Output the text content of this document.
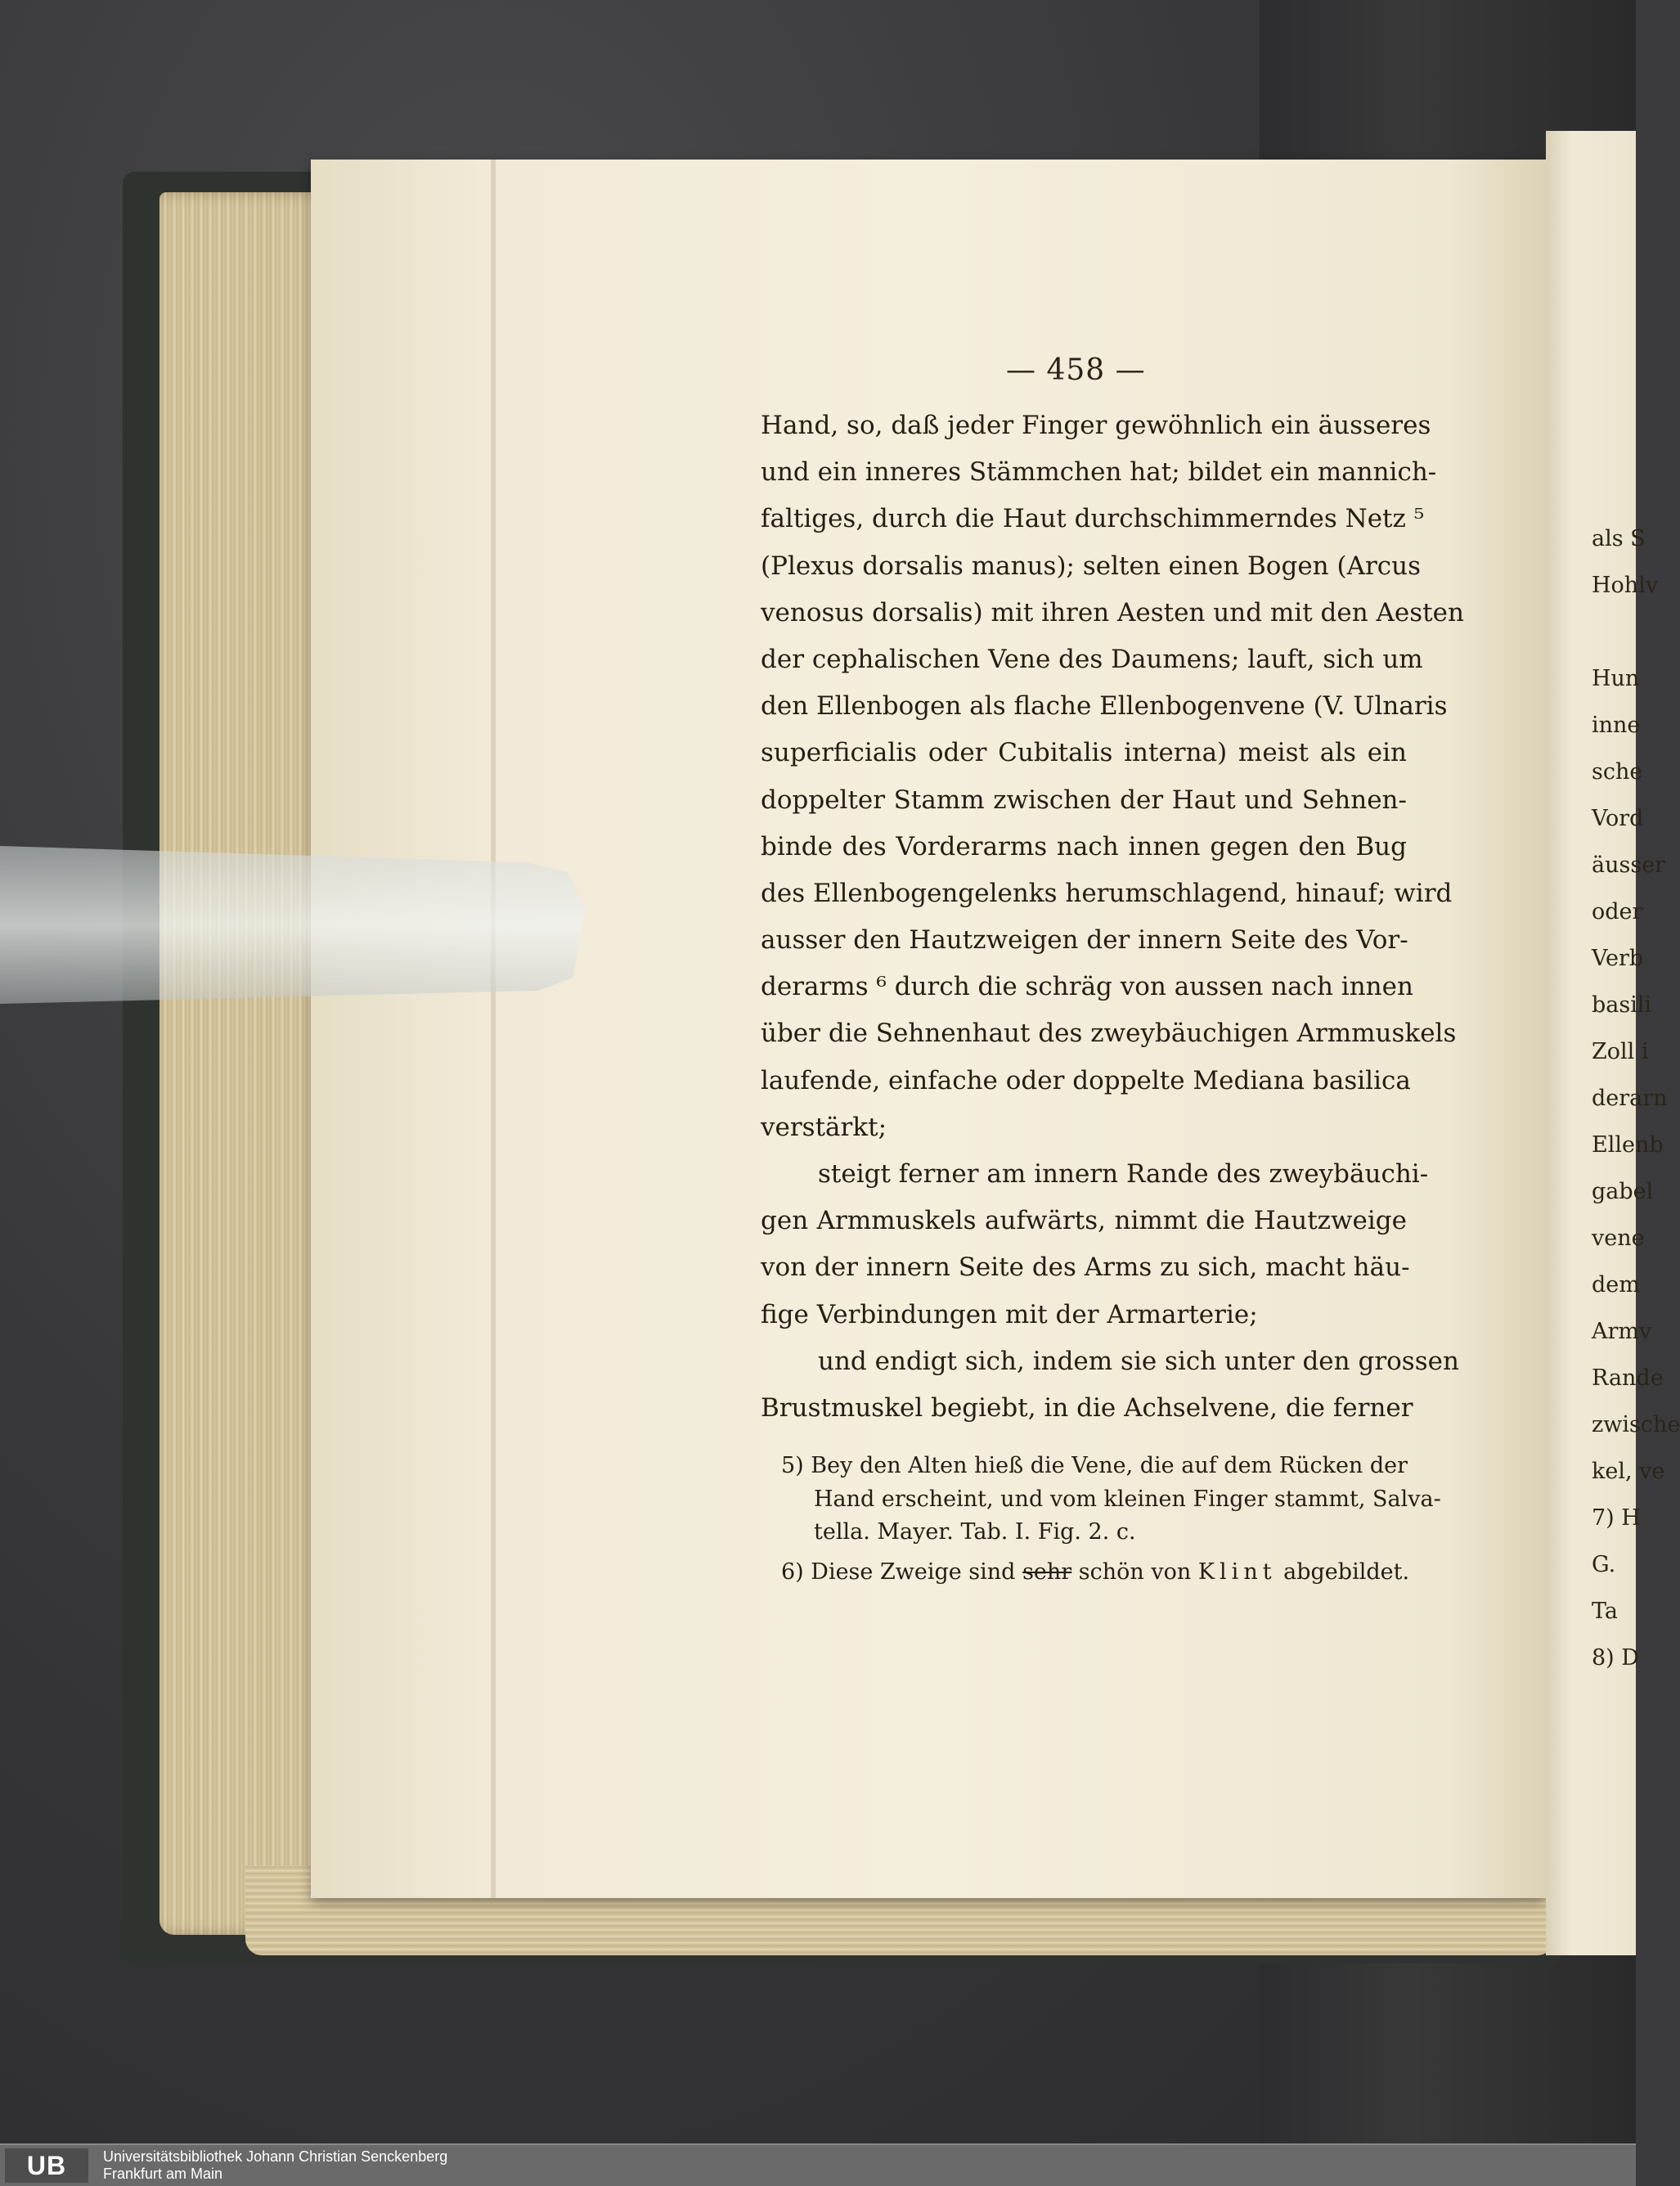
— 458 —
Hand, so, daß jeder Finger gewöhnlich ein äusseres
und ein inneres Stämmchen hat; bildet ein mannich-
faltiges, durch die Haut durchschimmerndes Netz ⁵
(Plexus dorsalis manus); selten einen Bogen (Arcus
venosus dorsalis) mit ihren Aesten und mit den Aesten
der cephalischen Vene des Daumens; lauft, sich um
den Ellenbogen als flache Ellenbogenvene (V. Ulnaris
superficialis oder Cubitalis interna) meist als ein
doppelter Stamm zwischen der Haut und Sehnen-
binde des Vorderarms nach innen gegen den Bug
des Ellenbogengelenks herumschlagend, hinauf; wird
ausser den Hautzweigen der innern Seite des Vor-
derarms ⁶ durch die schräg von aussen nach innen
über die Sehnenhaut des zweybäuchigen Armmuskels
laufende, einfache oder doppelte Mediana basilica
verstärkt;
steigt ferner am innern Rande des zweybäuchi-
gen Armmuskels aufwärts, nimmt die Hautzweige
von der innern Seite des Arms zu sich, macht häu-
fige Verbindungen mit der Armarterie;
und endigt sich, indem sie sich unter den grossen
Brustmuskel begiebt, in die Achselvene, die ferner
5) Bey den Alten hieß die Vene, die auf dem Rücken der
Hand erscheint, und vom kleinen Finger stammt, Salva-
tella. Mayer. Tab. I. Fig. 2. c.
6) Diese Zweige sind sehr schön von Klint abgebildet.
als S
Hohlv
Hun
inne
sche
Vord
äusser
oder
Verb
basili
Zoll i
derarn
Ellenb
gabel
vene
dem
Armv
Rande
zwische
kel, ve
7) H
G.
Ta
8) D
UB	Universitätsbibliothek Johann Christian Senckenberg
Frankfurt am Main
